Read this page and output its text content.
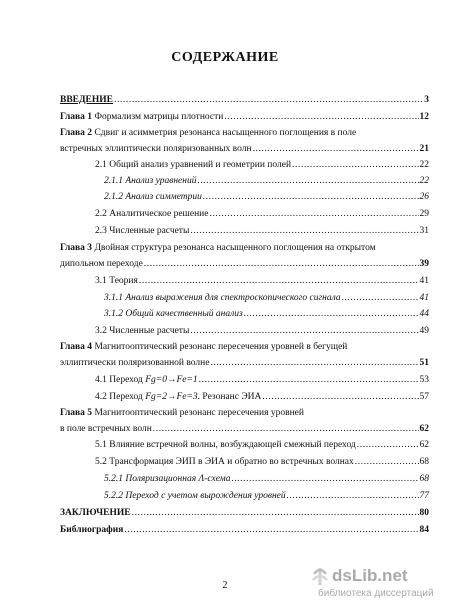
СОДЕРЖАНИЕ
ВВЕДЕНИЕ .....	3
Глава 1 Формализм матрицы плотности .....	12
Глава 2 Сдвиг и асимметрия резонанса насыщенного поглощения в поле
встречных эллиптически поляризованных волн .....	21
2.1 Общий анализ уравнений и геометрии полей .....	22
2.1.1 Анализ уравнений .....	22
2.1.2 Анализ симметрии .....	26
2.2 Аналитическое решение .....	29
2.3 Численные расчеты .....	31
Глава 3 Двойная структура резонанса насыщенного поглощения на открытом
дипольном переходе .....	39
3.1 Теория .....	41
3.1.1 Анализ выражения для спектроскопического сигнала .....	41
3.1.2 Общий качественный анализ .....	44
3.2 Численные расчеты .....	49
Глава 4 Магнитооптический резонанс пересечения уровней в бегущей
эллиптически поляризованной волне .....	51
4.1 Переход Fg=0→Fe=1 .....	53
4.2 Переход Fg=2→Fe=3. Резонанс ЭИА .....	57
Глава 5 Магнитооптический резонанс пересечения уровней
в поле встречных волн .....	62
5.1 Влияние встречной волны, возбуждающей смежный переход .....	62
5.2 Трансформация ЭИП в ЭИА и обратно во встречных волнах .....	68
5.2.1 Поляризационная Λ-схема .....	68
5.2.2 Переход с учетом вырождения уровней .....	77
ЗАКЛЮЧЕНИЕ .....	80
Библиография .....	84
2
dsLib.net
библиотека диссертаций
